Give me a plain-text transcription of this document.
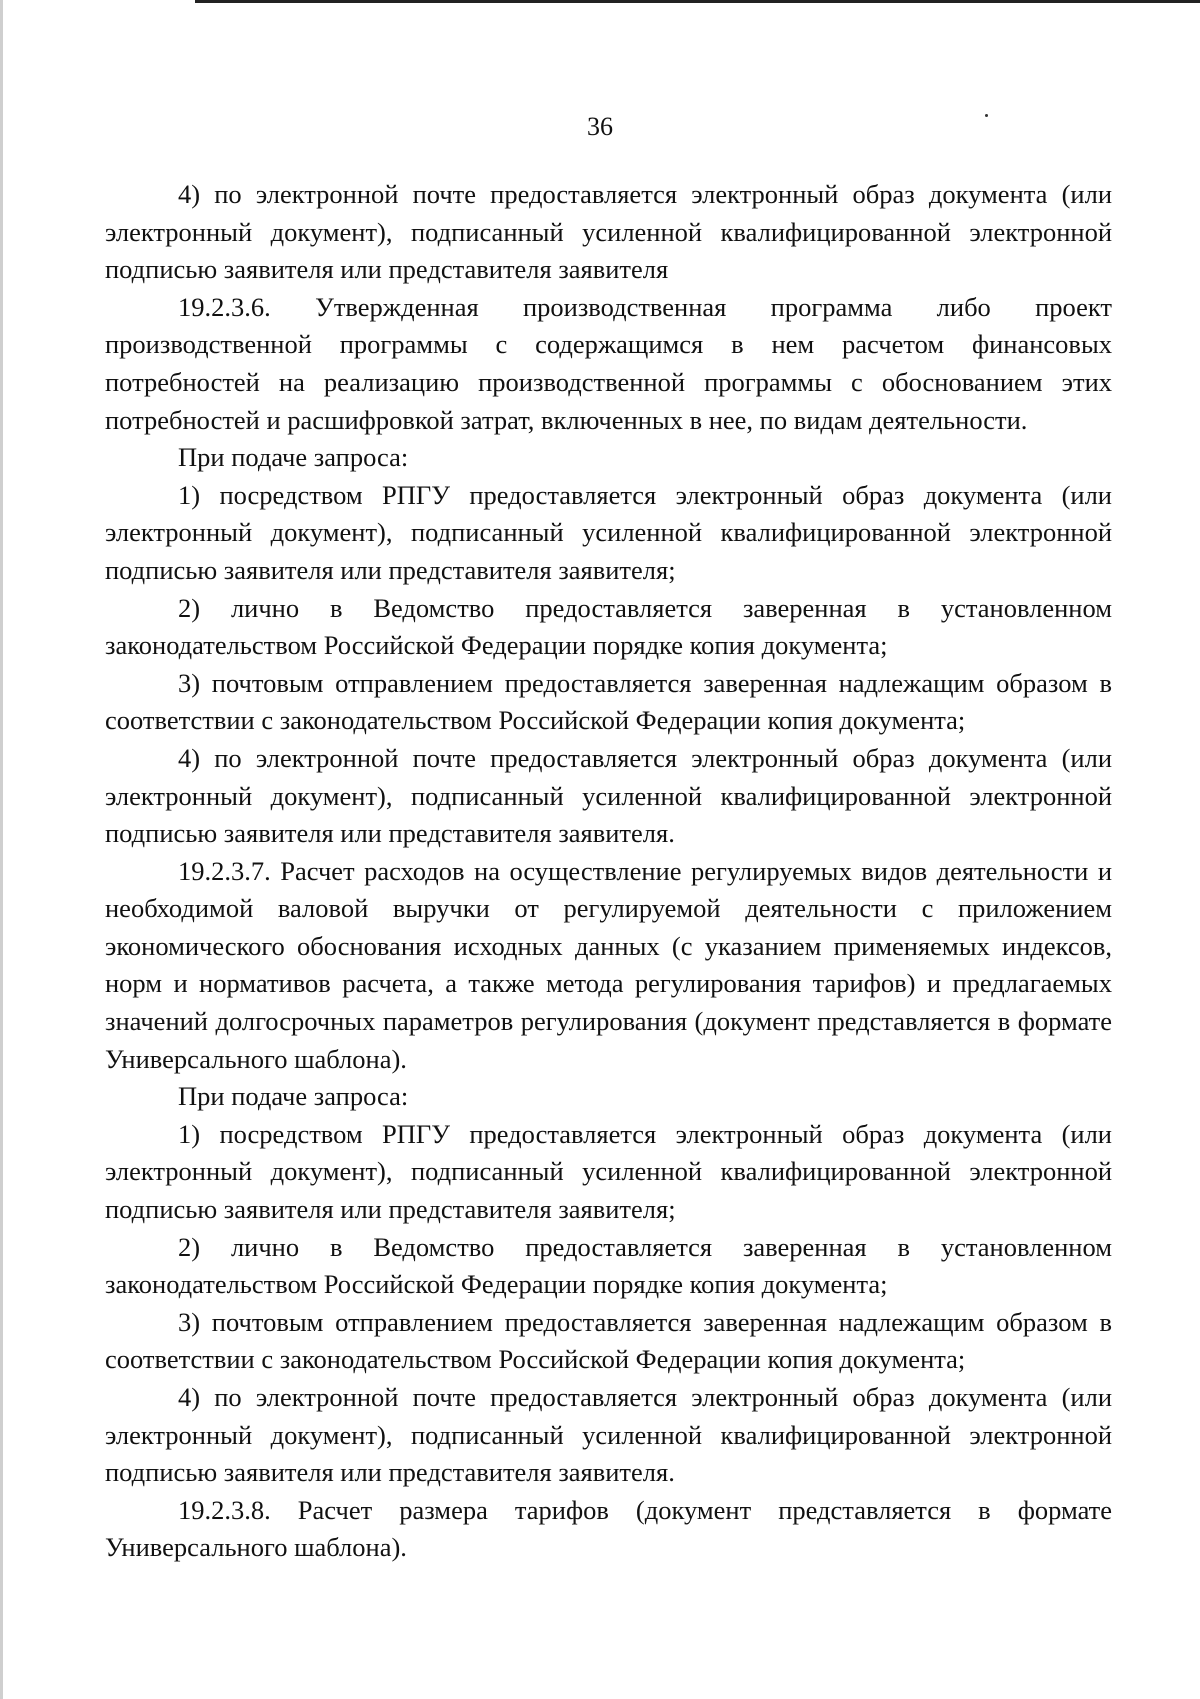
36

4) по электронной почте предоставляется электронный образ документа (или электронный документ), подписанный усиленной квалифицированной электронной подписью заявителя или представителя заявителя

19.2.3.6. Утвержденная производственная программа либо проект производственной программы с содержащимся в нем расчетом финансовых потребностей на реализацию производственной программы с обоснованием этих потребностей и расшифровкой затрат, включенных в нее, по видам деятельности.

При подаче запроса:

1) посредством РПГУ предоставляется электронный образ документа (или электронный документ), подписанный усиленной квалифицированной электронной подписью заявителя или представителя заявителя;

2) лично в Ведомство предоставляется заверенная в установленном законодательством Российской Федерации порядке копия документа;

3) почтовым отправлением предоставляется заверенная надлежащим образом в соответствии с законодательством Российской Федерации копия документа;

4) по электронной почте предоставляется электронный образ документа (или электронный документ), подписанный усиленной квалифицированной электронной подписью заявителя или представителя заявителя.

19.2.3.7. Расчет расходов на осуществление регулируемых видов деятельности и необходимой валовой выручки от регулируемой деятельности с приложением экономического обоснования исходных данных (с указанием применяемых индексов, норм и нормативов расчета, а также метода регулирования тарифов) и предлагаемых значений долгосрочных параметров регулирования (документ представляется в формате Универсального шаблона).

При подаче запроса:

1) посредством РПГУ предоставляется электронный образ документа (или электронный документ), подписанный усиленной квалифицированной электронной подписью заявителя или представителя заявителя;

2) лично в Ведомство предоставляется заверенная в установленном законодательством Российской Федерации порядке копия документа;

3) почтовым отправлением предоставляется заверенная надлежащим образом в соответствии с законодательством Российской Федерации копия документа;

4) по электронной почте предоставляется электронный образ документа (или электронный документ), подписанный усиленной квалифицированной электронной подписью заявителя или представителя заявителя.

19.2.3.8. Расчет размера тарифов (документ представляется в формате Универсального шаблона).
